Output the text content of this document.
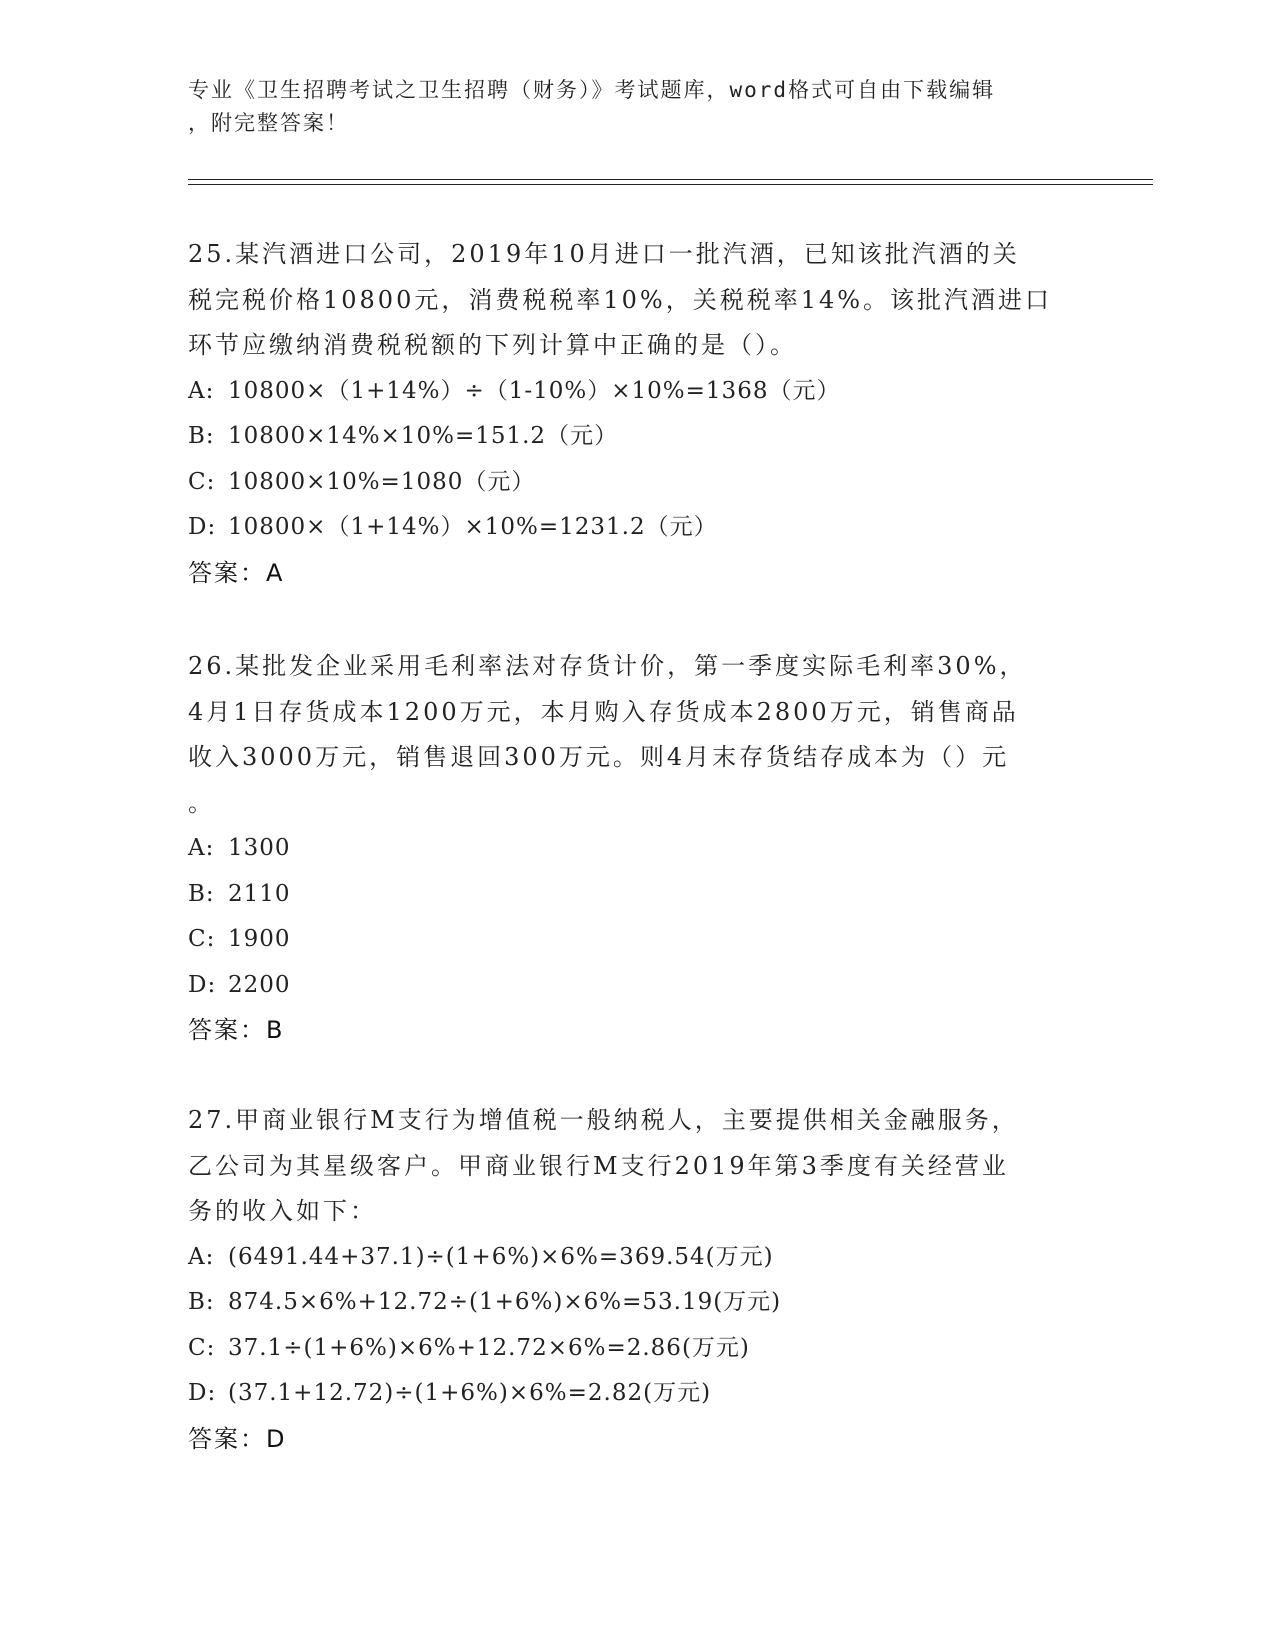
专业《卫生招聘考试之卫生招聘（财务）》考试题库，word格式可自由下载编辑
，附完整答案！
25.某汽酒进口公司，2019年10月进口一批汽酒，已知该批汽酒的关
税完税价格10800元，消费税税率10%，关税税率14%。该批汽酒进口
环节应缴纳消费税税额的下列计算中正确的是（）。
A: 10800×（1+14%）÷（1-10%）×10%=1368（元）
B: 10800×14%×10%=151.2（元）
C: 10800×10%=1080（元）
D: 10800×（1+14%）×10%=1231.2（元）
答案：A
26.某批发企业采用毛利率法对存货计价，第一季度实际毛利率30%，
4月1日存货成本1200万元，本月购入存货成本2800万元，销售商品
收入3000万元，销售退回300万元。则4月末存货结存成本为（）元
。
A: 1300
B: 2110
C: 1900
D: 2200
答案：B
27.甲商业银行M支行为增值税一般纳税人，主要提供相关金融服务，
乙公司为其星级客户。甲商业银行M支行2019年第3季度有关经营业
务的收入如下：
A: (6491.44+37.1)÷(1+6%)×6%=369.54(万元)
B: 874.5×6%+12.72÷(1+6%)×6%=53.19(万元)
C: 37.1÷(1+6%)×6%+12.72×6%=2.86(万元)
D: (37.1+12.72)÷(1+6%)×6%=2.82(万元)
答案：D
